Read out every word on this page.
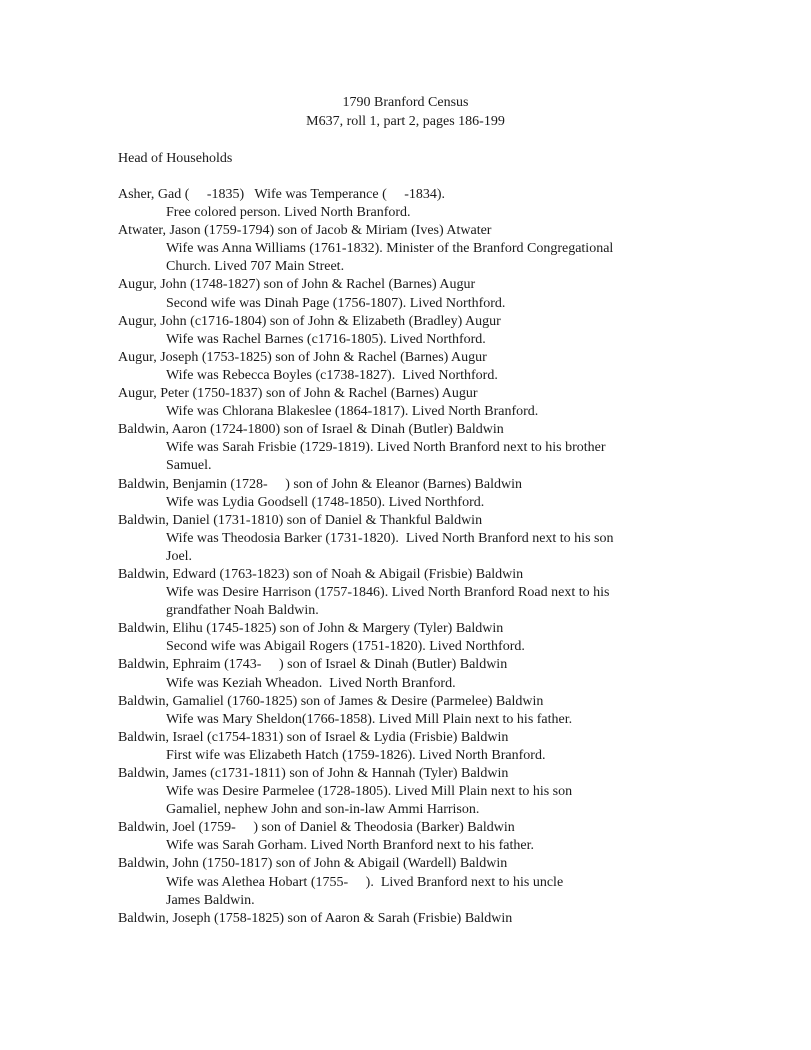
1790 Branford Census
M637, roll 1, part 2, pages 186-199
Head of Households
Asher, Gad (     -1835)   Wife was Temperance (     -1834).
Free colored person. Lived North Branford.
Atwater, Jason (1759-1794) son of Jacob & Miriam (Ives) Atwater
Wife was Anna Williams (1761-1832). Minister of the Branford Congregational
Church. Lived 707 Main Street.
Augur, John (1748-1827) son of John & Rachel (Barnes) Augur
Second wife was Dinah Page (1756-1807). Lived Northford.
Augur, John (c1716-1804) son of John & Elizabeth (Bradley) Augur
Wife was Rachel Barnes (c1716-1805). Lived Northford.
Augur, Joseph (1753-1825) son of John & Rachel (Barnes) Augur
Wife was Rebecca Boyles (c1738-1827).  Lived Northford.
Augur, Peter (1750-1837) son of John & Rachel (Barnes) Augur
Wife was Chlorana Blakeslee (1864-1817). Lived North Branford.
Baldwin, Aaron (1724-1800) son of Israel & Dinah (Butler) Baldwin
Wife was Sarah Frisbie (1729-1819). Lived North Branford next to his brother
Samuel.
Baldwin, Benjamin (1728-     ) son of John & Eleanor (Barnes) Baldwin
Wife was Lydia Goodsell (1748-1850). Lived Northford.
Baldwin, Daniel (1731-1810) son of Daniel & Thankful Baldwin
Wife was Theodosia Barker (1731-1820).  Lived North Branford next to his son
Joel.
Baldwin, Edward (1763-1823) son of Noah & Abigail (Frisbie) Baldwin
Wife was Desire Harrison (1757-1846). Lived North Branford Road next to his
grandfather Noah Baldwin.
Baldwin, Elihu (1745-1825) son of John & Margery (Tyler) Baldwin
Second wife was Abigail Rogers (1751-1820). Lived Northford.
Baldwin, Ephraim (1743-     ) son of Israel & Dinah (Butler) Baldwin
Wife was Keziah Wheadon.  Lived North Branford.
Baldwin, Gamaliel (1760-1825) son of James & Desire (Parmelee) Baldwin
Wife was Mary Sheldon(1766-1858). Lived Mill Plain next to his father.
Baldwin, Israel (c1754-1831) son of Israel & Lydia (Frisbie) Baldwin
First wife was Elizabeth Hatch (1759-1826). Lived North Branford.
Baldwin, James (c1731-1811) son of John & Hannah (Tyler) Baldwin
Wife was Desire Parmelee (1728-1805). Lived Mill Plain next to his son
Gamaliel, nephew John and son-in-law Ammi Harrison.
Baldwin, Joel (1759-     ) son of Daniel & Theodosia (Barker) Baldwin
Wife was Sarah Gorham. Lived North Branford next to his father.
Baldwin, John (1750-1817) son of John & Abigail (Wardell) Baldwin
Wife was Alethea Hobart (1755-     ).  Lived Branford next to his uncle
James Baldwin.
Baldwin, Joseph (1758-1825) son of Aaron & Sarah (Frisbie) Baldwin
